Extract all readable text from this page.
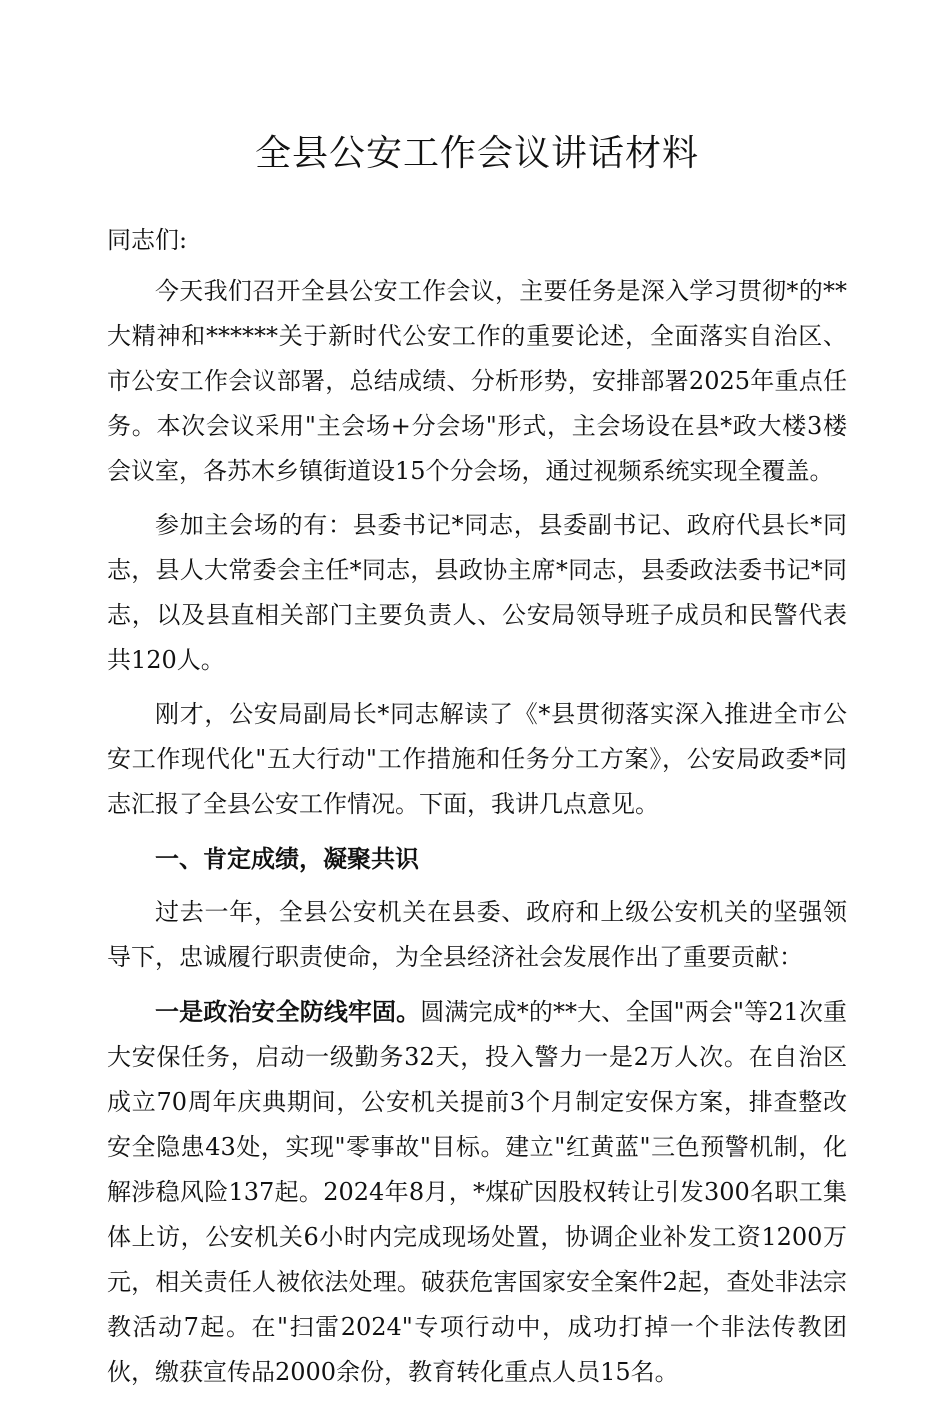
全县公安工作会议讲话材料

同志们:

今天我们召开全县公安工作会议，主要任务是深入学习贯彻*的**大精神和******关于新时代公安工作的重要论述，全面落实自治区、市公安工作会议部署，总结成绩、分析形势，安排部署2025年重点任务。本次会议采用"主会场+分会场"形式，主会场设在县*政大楼3楼会议室，各苏木乡镇街道设15个分会场，通过视频系统实现全覆盖。

参加主会场的有：县委书记*同志，县委副书记、政府代县长*同志，县人大常委会主任*同志，县政协主席*同志，县委政法委书记*同志，以及县直相关部门主要负责人、公安局领导班子成员和民警代表共120人。

刚才，公安局副局长*同志解读了《*县贯彻落实深入推进全市公安工作现代化"五大行动"工作措施和任务分工方案》，公安局政委*同志汇报了全县公安工作情况。下面，我讲几点意见。

一、肯定成绩，凝聚共识

过去一年，全县公安机关在县委、政府和上级公安机关的坚强领导下，忠诚履行职责使命，为全县经济社会发展作出了重要贡献：

一是政治安全防线牢固。圆满完成*的**大、全国"两会"等21次重大安保任务，启动一级勤务32天，投入警力一是2万人次。在自治区成立70周年庆典期间，公安机关提前3个月制定安保方案，排查整改安全隐患43处，实现"零事故"目标。建立"红黄蓝"三色预警机制，化解涉稳风险137起。2024年8月，*煤矿因股权转让引发300名职工集体上访，公安机关6小时内完成现场处置，协调企业补发工资1200万元，相关责任人被依法处理。破获危害国家安全案件2起，查处非法宗教活动7起。在"扫雷2024"专项行动中，成功打掉一个非法传教团伙，缴获宣传品2000余份，教育转化重点人员15名。
